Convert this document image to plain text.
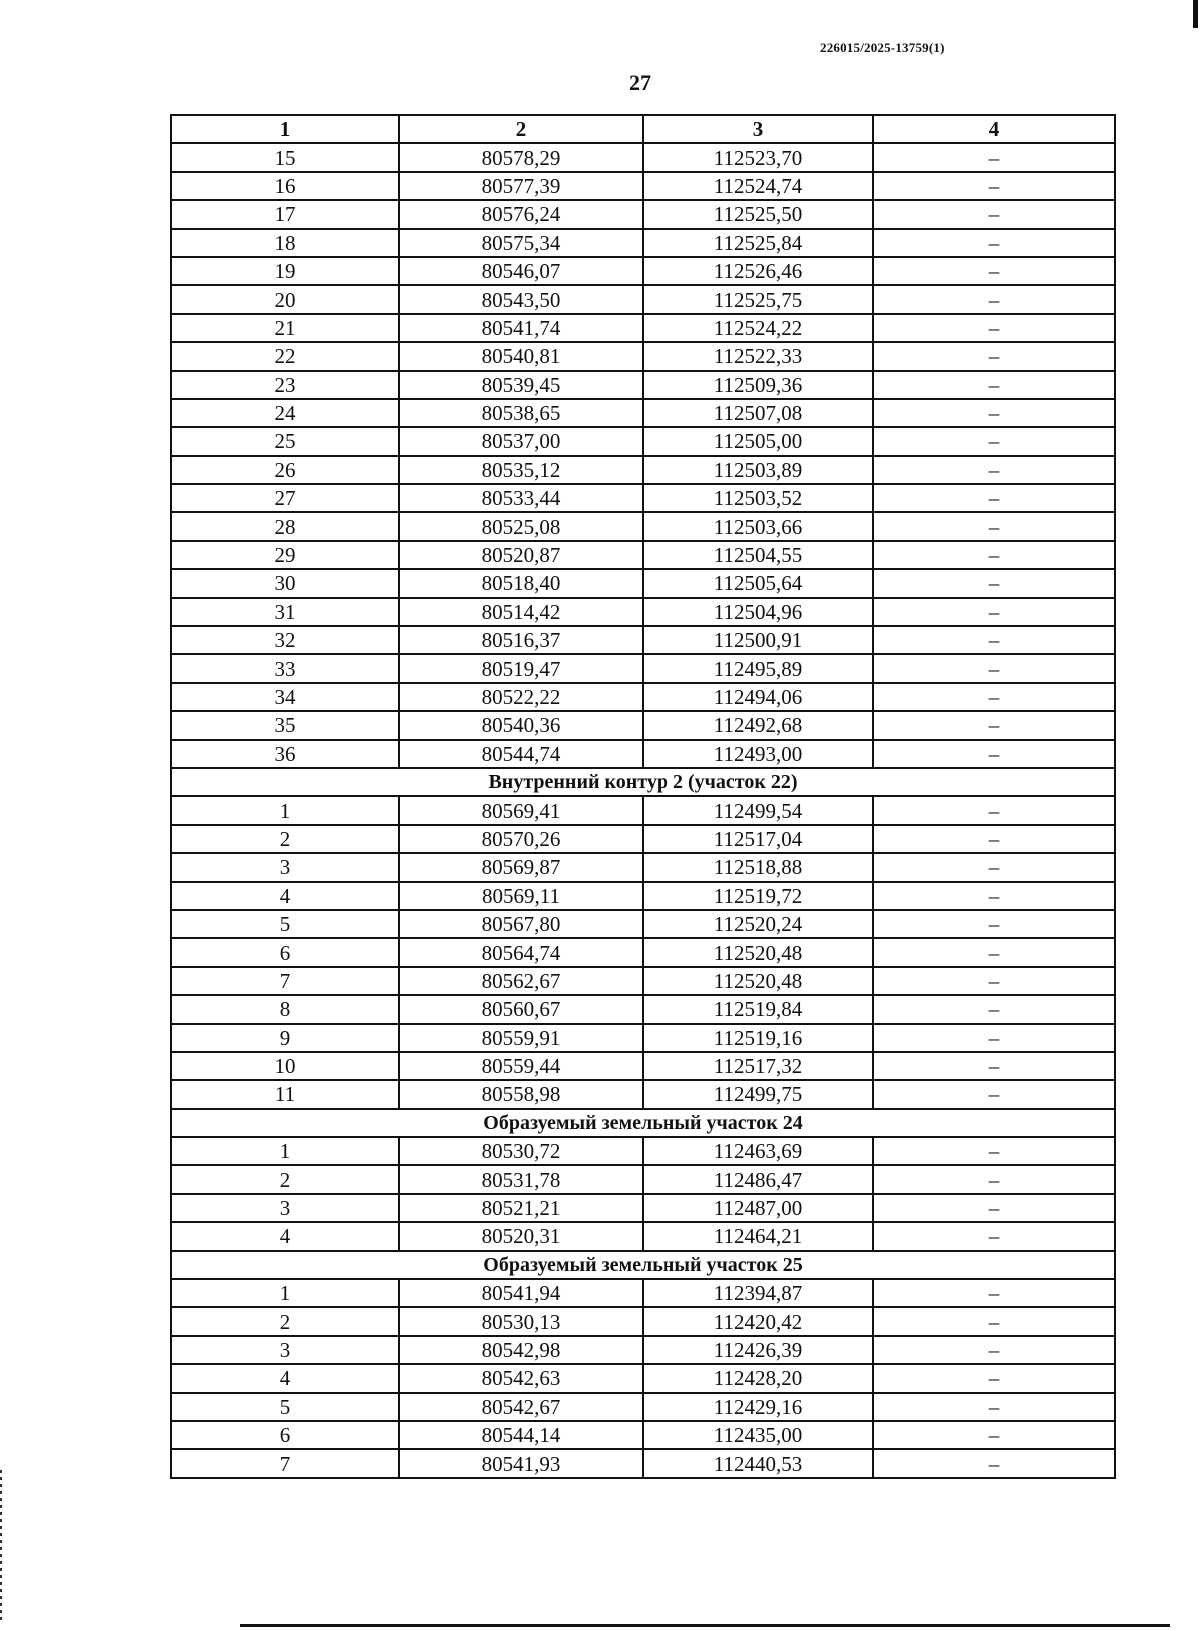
226015/2025-13759(1)
27
1	2	3	4
15	80578,29	112523,70	–
16	80577,39	112524,74	–
17	80576,24	112525,50	–
18	80575,34	112525,84	–
19	80546,07	112526,46	–
20	80543,50	112525,75	–
21	80541,74	112524,22	–
22	80540,81	112522,33	–
23	80539,45	112509,36	–
24	80538,65	112507,08	–
25	80537,00	112505,00	–
26	80535,12	112503,89	–
27	80533,44	112503,52	–
28	80525,08	112503,66	–
29	80520,87	112504,55	–
30	80518,40	112505,64	–
31	80514,42	112504,96	–
32	80516,37	112500,91	–
33	80519,47	112495,89	–
34	80522,22	112494,06	–
35	80540,36	112492,68	–
36	80544,74	112493,00	–
Внутренний контур 2 (участок 22)			
1	80569,41	112499,54	–
2	80570,26	112517,04	–
3	80569,87	112518,88	–
4	80569,11	112519,72	–
5	80567,80	112520,24	–
6	80564,74	112520,48	–
7	80562,67	112520,48	–
8	80560,67	112519,84	–
9	80559,91	112519,16	–
10	80559,44	112517,32	–
11	80558,98	112499,75	–
Образуемый земельный участок 24			
1	80530,72	112463,69	–
2	80531,78	112486,47	–
3	80521,21	112487,00	–
4	80520,31	112464,21	–
Образуемый земельный участок 25			
1	80541,94	112394,87	–
2	80530,13	112420,42	–
3	80542,98	112426,39	–
4	80542,63	112428,20	–
5	80542,67	112429,16	–
6	80544,14	112435,00	–
7	80541,93	112440,53	–
